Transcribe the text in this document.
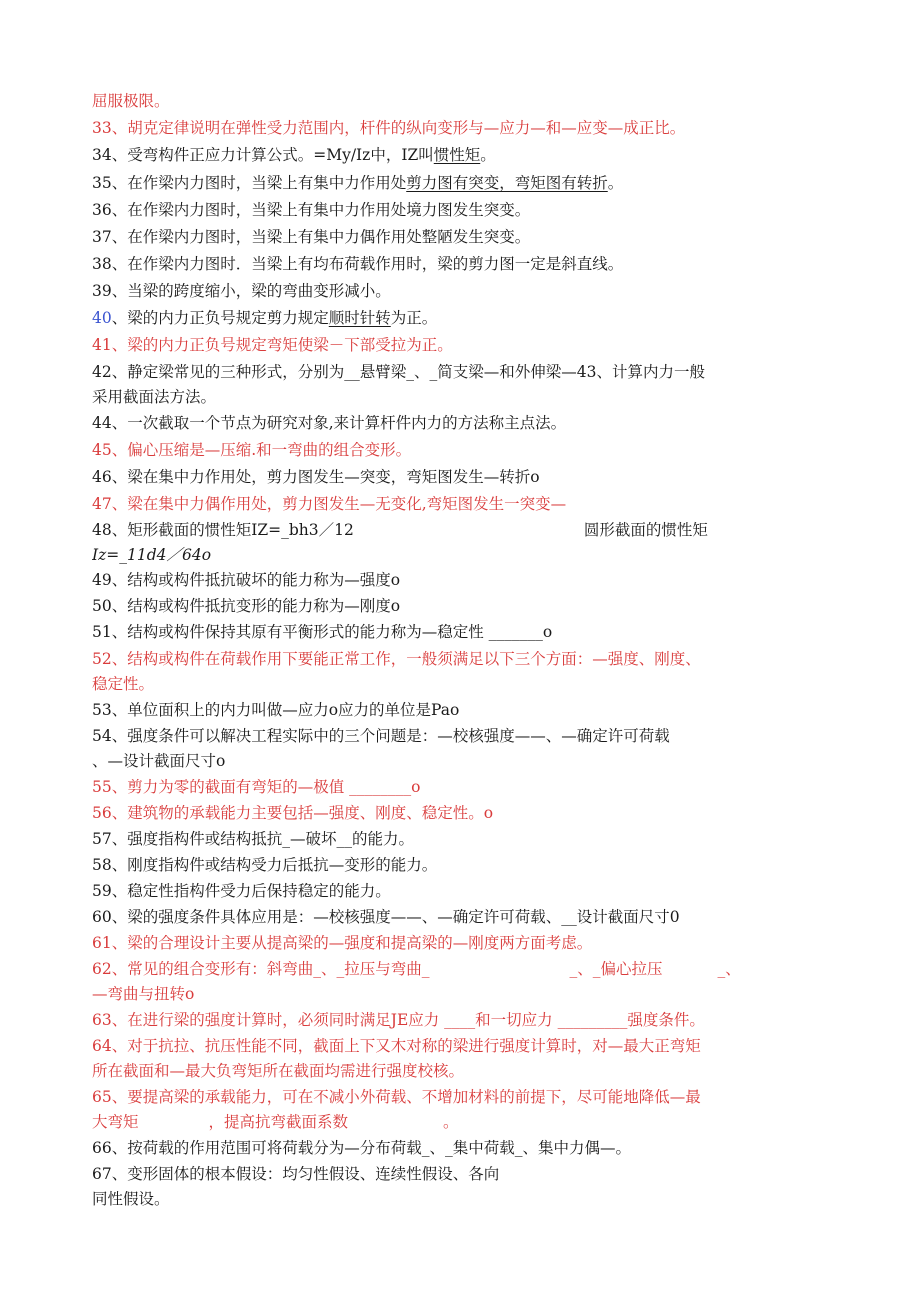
屈服极限。
33、胡克定律说明在弹性受力范围内，杆件的纵向变形与—应力—和—应变—成正比。
34、受弯构件正应力计算公式。=My/Iz中，IZ叫惯性矩。
35、在作梁内力图时，当梁上有集中力作用处剪力图有突变，弯矩图有转折。
36、在作梁内力图时，当梁上有集中力作用处境力图发生突变。
37、在作梁内力图时，当梁上有集中力偶作用处整陋发生突变。
38、在作梁内力图时．当梁上有均布荷载作用时，梁的剪力图一定是斜直线。
39、当梁的跨度缩小，梁的弯曲变形减小。
40、梁的内力正负号规定剪力规定顺时针转为正。
41、梁的内力正负号规定弯矩使梁－下部受拉为正。
42、静定梁常见的三种形式，分别为__悬臂梁_、_简支梁—和外伸梁—43、计算内力一般
采用截面法方法。
44、一次截取一个节点为研究对象,来计算杆件内力的方法称主点法。
45、偏心压缩是—压缩.和一弯曲的组合变形。
46、梁在集中力作用处，剪力图发生—突变，弯矩图发生—转折o
47、梁在集中力偶作用处，剪力图发生—无变化,弯矩图发生一突变—
48、矩形截面的惯性矩IZ=_bh3／12	圆形截面的惯性矩
Iz=_11d4／64o
49、结构或构件抵抗破坏的能力称为—强度o
50、结构或构件抵抗变形的能力称为—刚度o
51、结构或构件保持其原有平衡形式的能力称为—稳定性 _______o
52、结构或构件在荷载作用下要能正常工作，一般须满足以下三个方面：—强度、刚度、
稳定性。
53、单位面积上的内力叫做—应力o应力的单位是Pao
54、强度条件可以解决工程实际中的三个问题是：—校核强度——、—确定许可荷载
、—设计截面尺寸o
55、剪力为零的截面有弯矩的—极值 ________o
56、建筑物的承载能力主要包括—强度、刚度、稳定性。o
57、强度指构件或结构抵抗_—破坏__的能力。
58、刚度指构件或结构受力后抵抗—变形的能力。
59、稳定性指构件受力后保持稳定的能力。
60、梁的强度条件具体应用是：—校核强度——、—确定许可荷载、__设计截面尺寸0
61、梁的合理设计主要从提高梁的—强度和提高梁的—刚度两方面考虑。
62、常见的组合变形有：斜弯曲_、_拉压与弯曲_	_、_偏心拉压	_、
—弯曲与扭转o
63、在进行梁的强度计算时，必须同时满足JE应力 ____和一切应力 _________强度条件。
64、对于抗拉、抗压性能不同，截面上下又木对称的梁进行强度计算时，对—最大正弯矩
所在截面和—最大负弯矩所在截面均需进行强度校核。
65、要提高梁的承载能力，可在不减小外荷载、不增加材料的前提下，尽可能地降低—最
大弯矩	，提高抗弯截面系数	。
66、按荷载的作用范围可将荷载分为—分布荷载_、_集中荷载_、集中力偶—。
67、变形固体的根本假设：均匀性假设、连续性假设、各向
同性假设。
